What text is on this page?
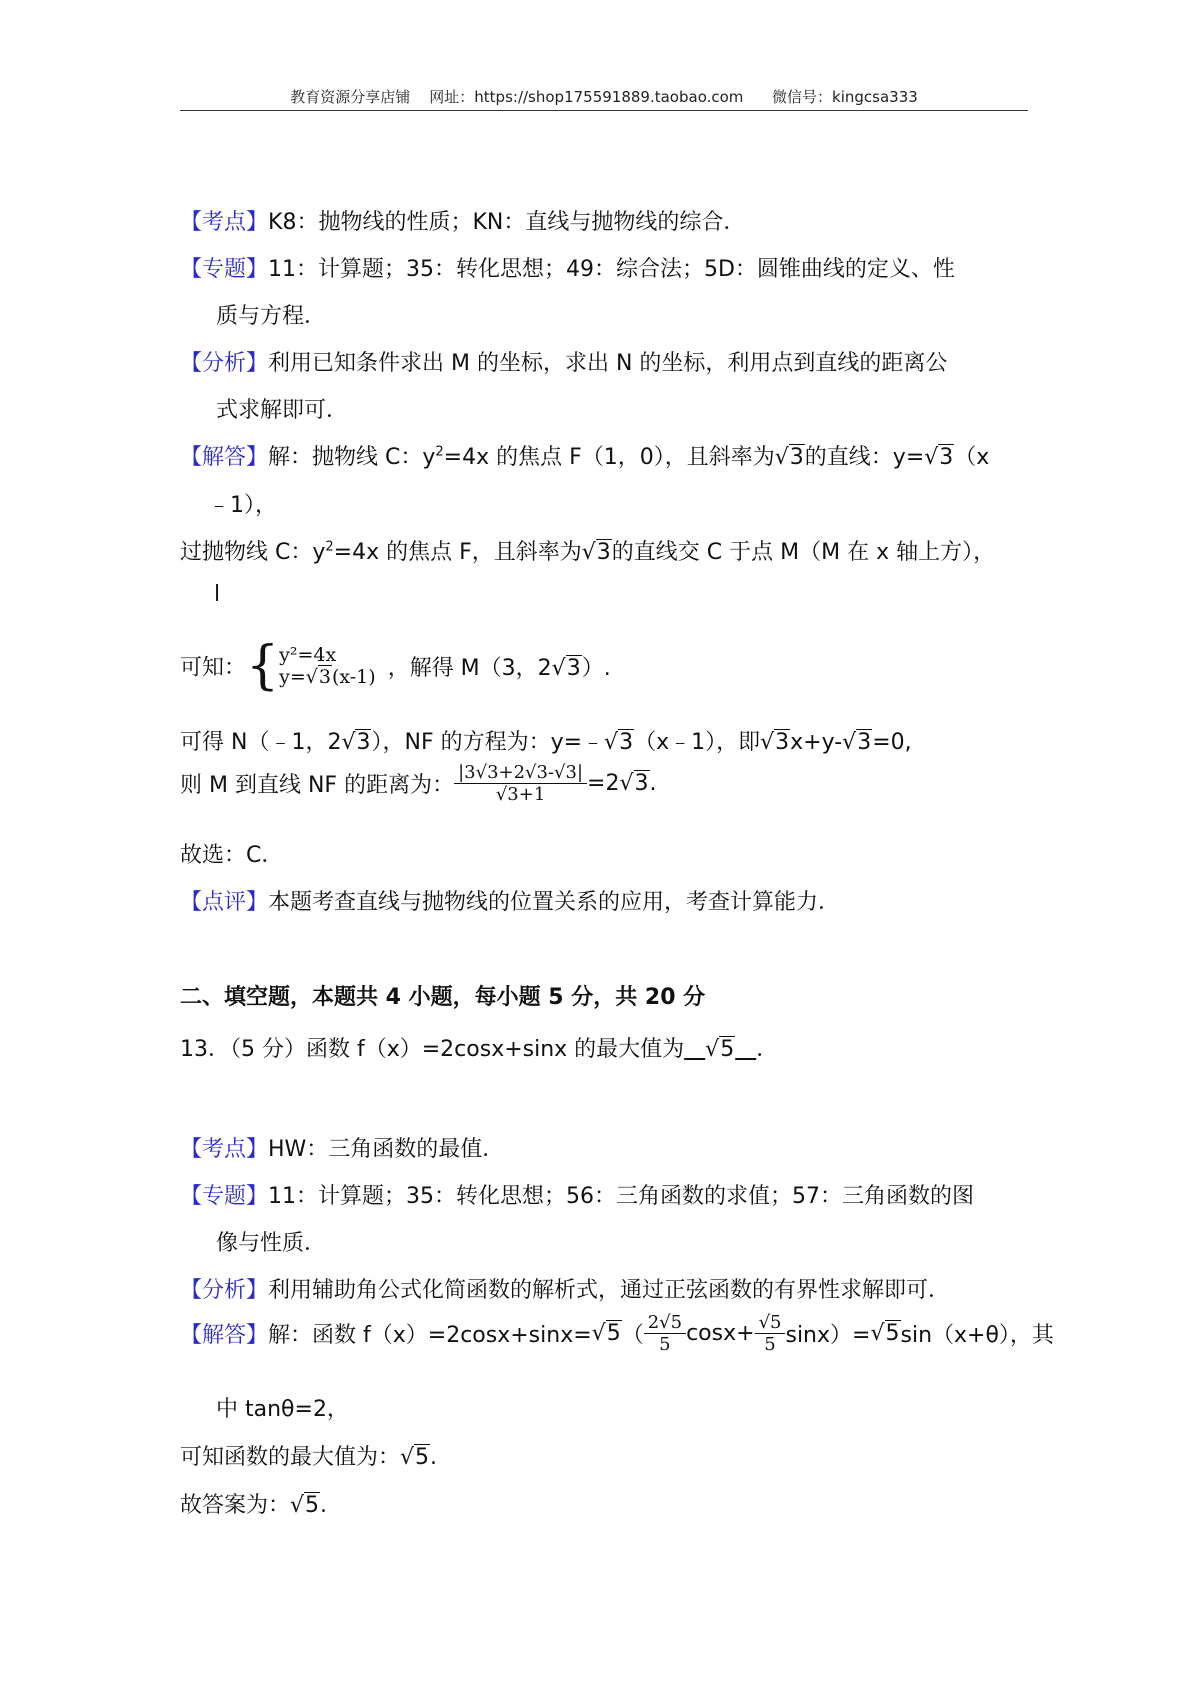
教育资源分享店铺 网址：https://shop175591889.taobao.com 微信号：kingcsa333
【考点】K8：抛物线的性质；KN：直线与抛物线的综合．
【专题】11：计算题；35：转化思想；49：综合法；5D：圆锥曲线的定义、性
质与方程．
【分析】利用已知条件求出 M 的坐标，求出 N 的坐标，利用点到直线的距离公
式求解即可．
【解答】解：抛物线 C：$y^2=4x$ 的焦点 F（1，0），且斜率为√3的直线：y=√3（x
﹣1），
过抛物线 C：$y^2=4x$ 的焦点 F，且斜率为√3的直线交 C 于点 M（M 在 x 轴上方），
l
可知：{ y²=4x
y=√3(x-1) ，解得 M（3，2√3）.
可得 N（﹣1，2√3），NF 的方程为：y=﹣√3（x﹣1），即√3x+y-√3=0,
则 M 到直线 NF 的距离为： $\frac{|3√3+2√3-√3|}{√3+1} =2√3$.
故选：C．
【点评】本题考查直线与抛物线的位置关系的应用，考查计算能力．
二、填空题，本题共 4 小题，每小题 5 分，共 20 分
13．（5 分）函数 f（x）=2cosx+sinx 的最大值为 √5 ．
【考点】HW：三角函数的最值．
【专题】11：计算题；35：转化思想；56：三角函数的求值；57：三角函数的图
像与性质．
【分析】利用辅助角公式化简函数的解析式，通过正弦函数的有界性求解即可．
【解答】解：函数 $f(x)=2\cos x+\sin x=√5( \frac{2√5}{5} \cos x+ \frac{√5}{5} \sin x)=√5\sin(x+\theta)$，其
中 tanθ=2，
可知函数的最大值为：√5.
故答案为：√5.
